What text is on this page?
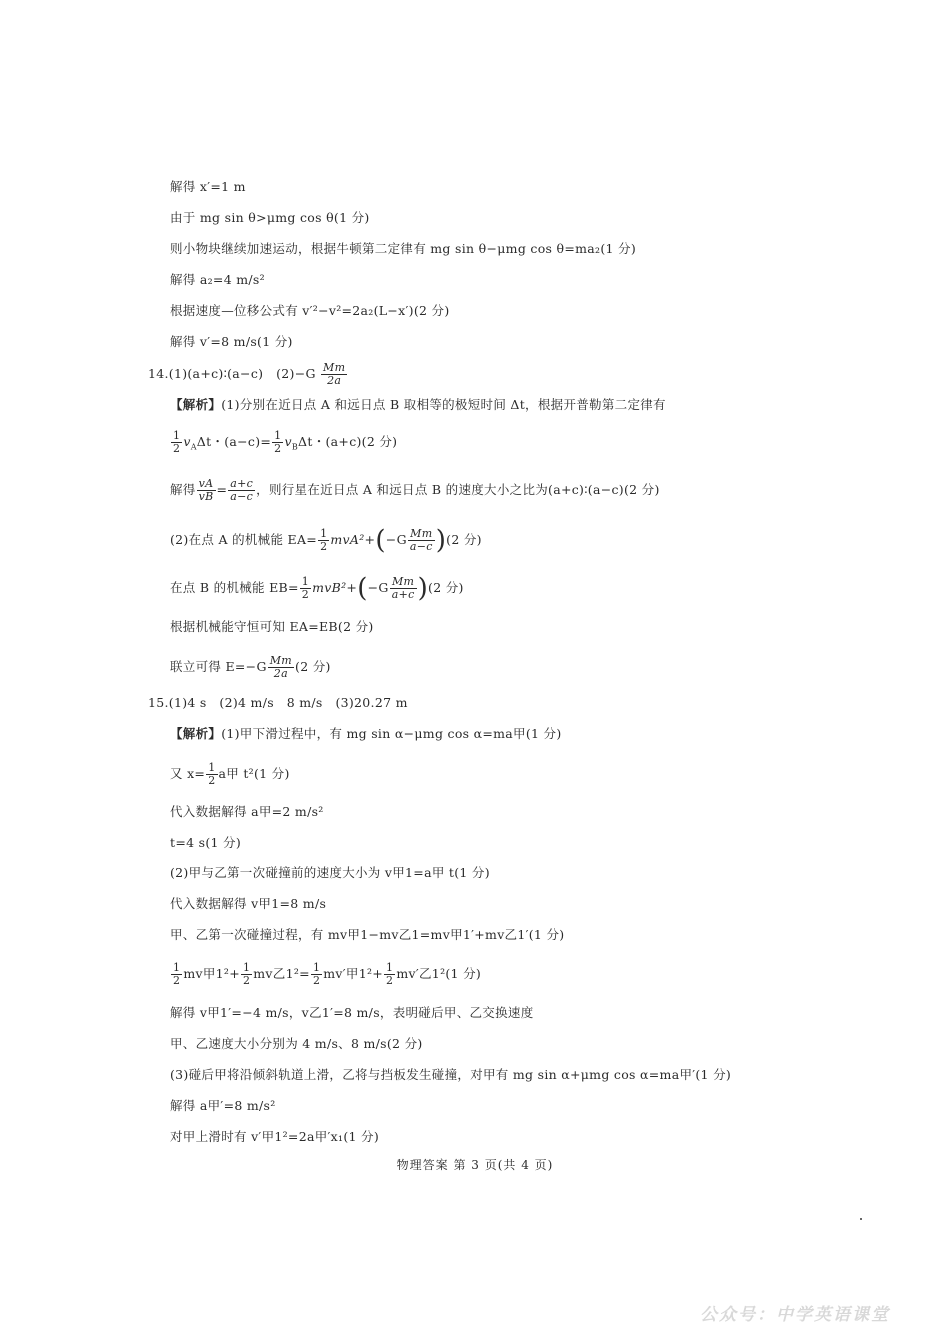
解得 x′=1 m
由于 mg sin θ>μmg cos θ(1 分)
则小物块继续加速运动，根据牛顿第二定律有 mg sin θ−μmg cos θ=ma₂(1 分)
解得 a₂=4 m/s²
根据速度—位移公式有 v′²−v²=2a₂(L−x′)(2 分)
解得 v′=8 m/s(1 分)
14.(1)(a+c)∶(a−c)　$(2)-G \frac{Mm}{2a}$
【解析】(1)分别在近日点 A 和远日点 B 取相等的极短时间 Δt，根据开普勒第二定律有
$\frac{1}{2} v_A\Delta t$・$(a-c)= \frac{1}{2} v_B\Delta t$・(a+c)(2 分)
解得 $\frac{vA}{vB} = \frac{a+c}{a-c}$ ，则行星在近日点 A 和远日点 B 的速度大小之比为(a+c)∶(a−c)(2 分)
(2)在点 A 的机械能 $EA= \frac{1}{2} mvA^2+(-G \frac{Mm}{a-c} )(2$ 分)
在点 B 的机械能 $EB= \frac{1}{2} mvB^2+(-G \frac{Mm}{a+c} )(2$ 分)
根据机械能守恒可知 EA=EB(2 分)
联立可得 $E=-G \frac{Mm}{2a} (2$ 分)
15.(1)4 s　(2)4 m/s　8 m/s　(3)20.27 m
【解析】(1)甲下滑过程中，有 mg sin α−μmg cos α=ma甲(1 分)
又 $x= \frac{1}{2}$ a甲 t²(1 分)
代入数据解得 a甲=2 m/s²
t=4 s(1 分)
(2)甲与乙第一次碰撞前的速度大小为 v甲1=a甲 t(1 分)
代入数据解得 v甲1=8 m/s
甲、乙第一次碰撞过程，有 mv甲1−mv乙1=mv甲1′+mv乙1′(1 分)
$\frac{1}{2}$ mv甲$1^2+ \frac{1}{2}$ mv乙$1^2= \frac{1}{2} mv'$甲$1^2+ \frac{1}{2} mv'$乙1²(1 分)
解得 v甲1′=−4 m/s，v乙1′=8 m/s，表明碰后甲、乙交换速度
甲、乙速度大小分别为 4 m/s、8 m/s(2 分)
(3)碰后甲将沿倾斜轨道上滑，乙将与挡板发生碰撞，对甲有 mg sin α+μmg cos α=ma甲′(1 分)
解得 a甲′=8 m/s²
对甲上滑时有 v′甲1²=2a甲′x₁(1 分)
物理答案 第 3 页(共 4 页)
公众号：中学英语课堂
